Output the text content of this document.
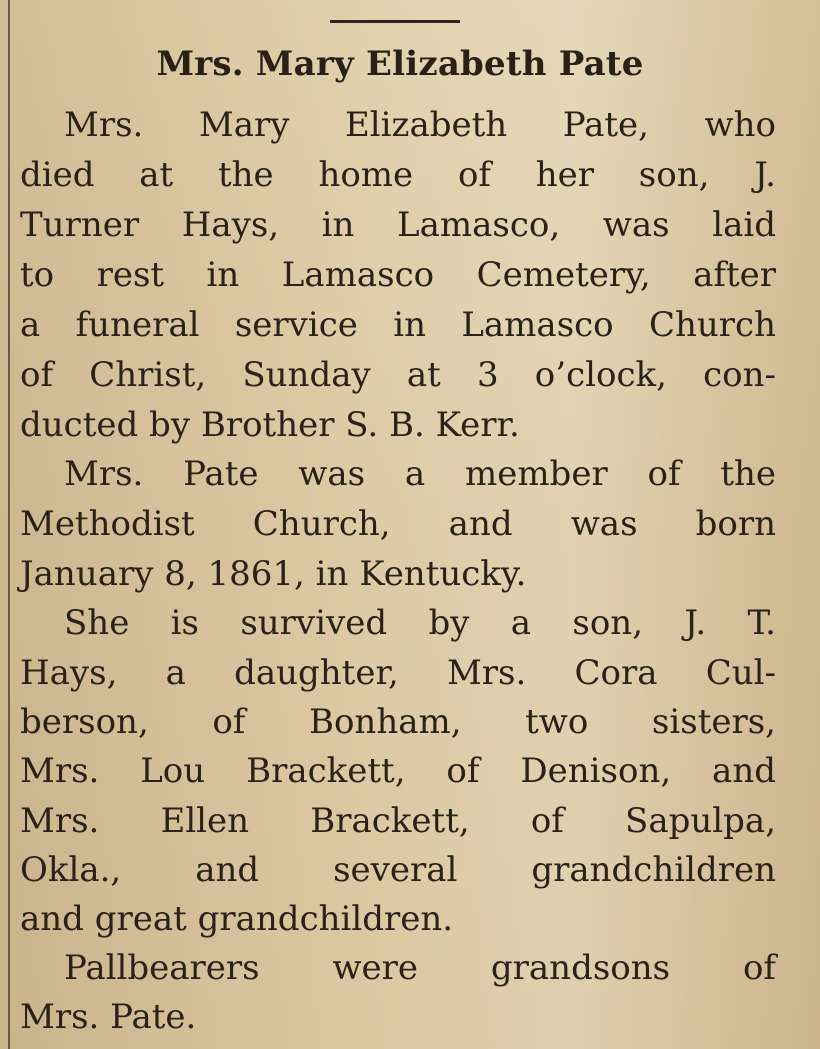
Mrs. Mary Elizabeth Pate
Mrs. Mary Elizabeth Pate, who
died at the home of her son, J.
Turner Hays, in Lamasco, was laid
to rest in Lamasco Cemetery, after
a funeral service in Lamasco Church
of Christ, Sunday at 3 o’clock, con-
ducted by Brother S. B. Kerr.
Mrs. Pate was a member of the
Methodist Church, and was born
January 8, 1861, in Kentucky.
She is survived by a son, J. T.
Hays, a daughter, Mrs. Cora Cul-
berson, of Bonham, two sisters,
Mrs. Lou Brackett, of Denison, and
Mrs. Ellen Brackett, of Sapulpa,
Okla., and several grandchildren
and great grandchildren.
Pallbearers were grandsons of
Mrs. Pate.
